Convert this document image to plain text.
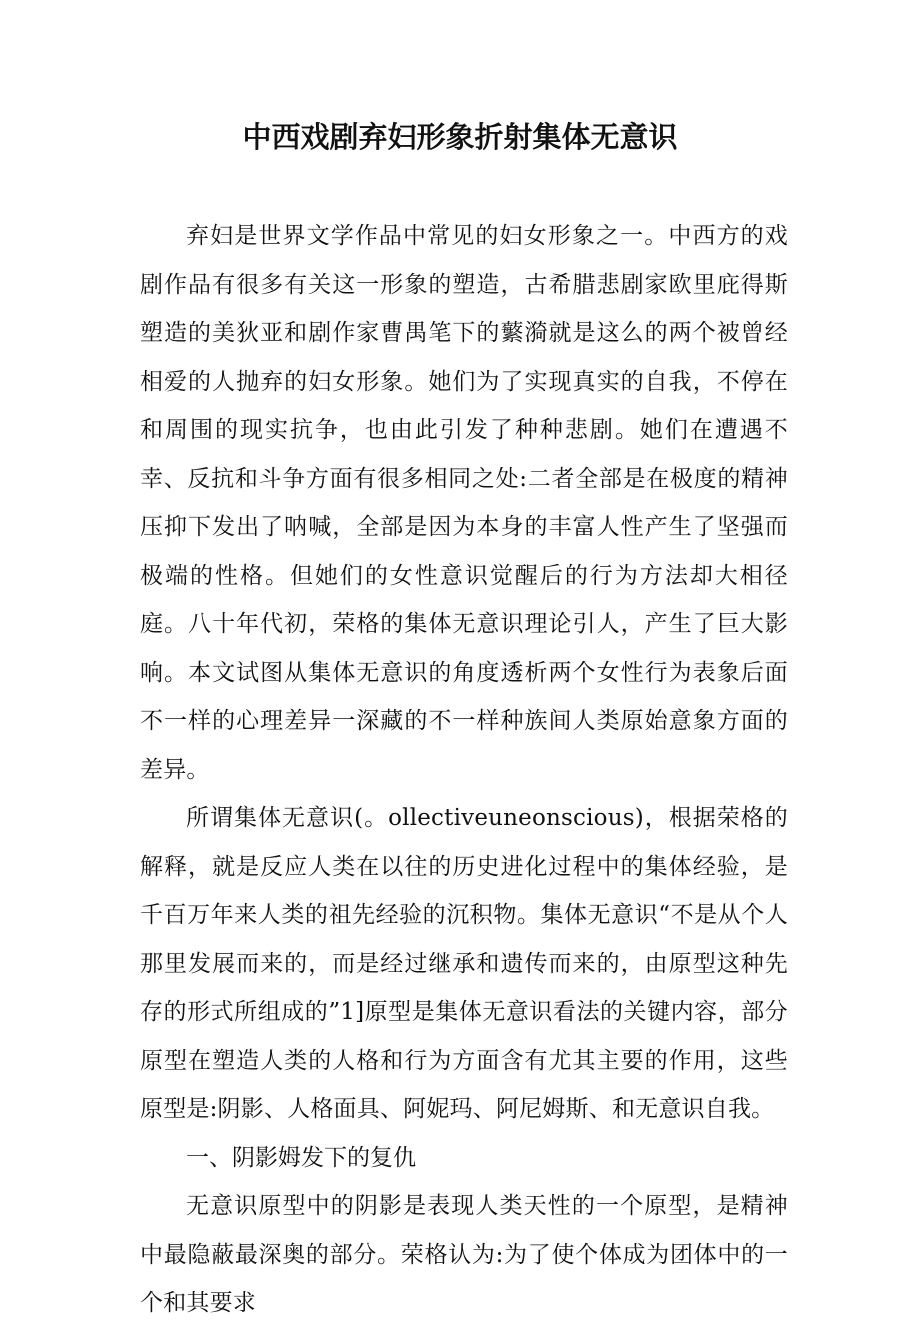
中西戏剧弃妇形象折射集体无意识

弃妇是世界文学作品中常见的妇女形象之一。中西方的戏剧作品有很多有关这一形象的塑造，古希腊悲剧家欧里庇得斯塑造的美狄亚和剧作家曹禺笔下的蘩漪就是这么的两个被曾经相爱的人抛弃的妇女形象。她们为了实现真实的自我，不停在和周围的现实抗争，也由此引发了种种悲剧。她们在遭遇不幸、反抗和斗争方面有很多相同之处:二者全部是在极度的精神压抑下发出了呐喊，全部是因为本身的丰富人性产生了坚强而极端的性格。但她们的女性意识觉醒后的行为方法却大相径庭。八十年代初，荣格的集体无意识理论引人，产生了巨大影响。本文试图从集体无意识的角度透析两个女性行为表象后面不一样的心理差异一深藏的不一样种族间人类原始意象方面的差异。

所谓集体无意识(。ollectiveuneonscious)，根据荣格的解释，就是反应人类在以往的历史进化过程中的集体经验，是千百万年来人类的祖先经验的沉积物。集体无意识“不是从个人那里发展而来的，而是经过继承和遗传而来的，由原型这种先存的形式所组成的”1]原型是集体无意识看法的关键内容，部分原型在塑造人类的人格和行为方面含有尤其主要的作用，这些原型是:阴影、人格面具、阿妮玛、阿尼姆斯、和无意识自我。

一、阴影姆发下的复仇

无意识原型中的阴影是表现人类天性的一个原型，是精神中最隐蔽最深奥的部分。荣格认为:为了使个体成为团体中的一个和其要求
